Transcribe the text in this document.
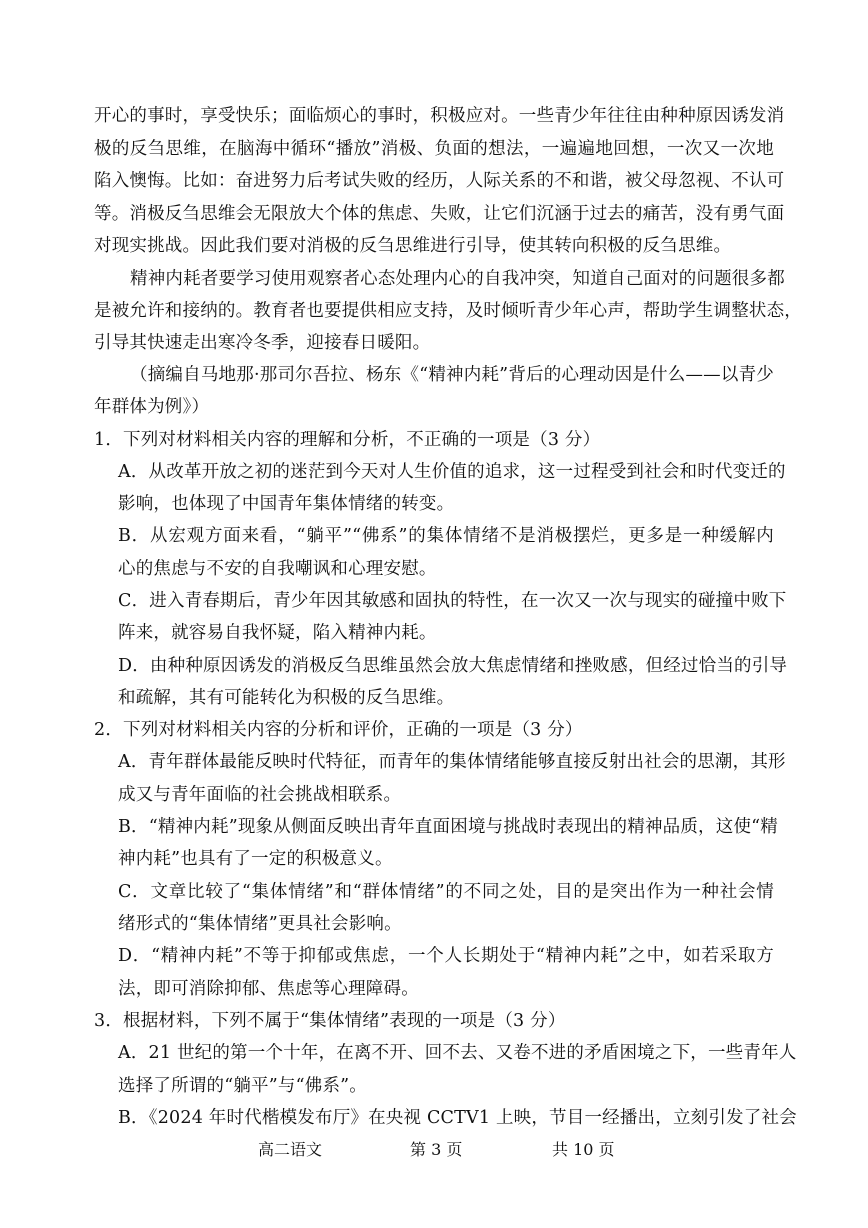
开心的事时，享受快乐；面临烦心的事时，积极应对。一些青少年往往由种种原因诱发消
极的反刍思维，在脑海中循环“播放”消极、负面的想法，一遍遍地回想，一次又一次地
陷入懊悔。比如：奋进努力后考试失败的经历，人际关系的不和谐，被父母忽视、不认可
等。消极反刍思维会无限放大个体的焦虑、失败，让它们沉涵于过去的痛苦，没有勇气面
对现实挑战。因此我们要对消极的反刍思维进行引导，使其转向积极的反刍思维。
精神内耗者要学习使用观察者心态处理内心的自我冲突，知道自己面对的问题很多都
是被允许和接纳的。教育者也要提供相应支持，及时倾听青少年心声，帮助学生调整状态，
引导其快速走出寒冷冬季，迎接春日暖阳。
（摘编自马地那·那司尔吾拉、杨东《“精神内耗”背后的心理动因是什么——以青少
年群体为例》）
1．下列对材料相关内容的理解和分析，不正确的一项是（3 分）
A．从改革开放之初的迷茫到今天对人生价值的追求，这一过程受到社会和时代变迁的
影响，也体现了中国青年集体情绪的转变。
B．从宏观方面来看，“躺平”“佛系”的集体情绪不是消极摆烂，更多是一种缓解内
心的焦虑与不安的自我嘲讽和心理安慰。
C．进入青春期后，青少年因其敏感和固执的特性，在一次又一次与现实的碰撞中败下
阵来，就容易自我怀疑，陷入精神内耗。
D．由种种原因诱发的消极反刍思维虽然会放大焦虑情绪和挫败感，但经过恰当的引导
和疏解，其有可能转化为积极的反刍思维。
2．下列对材料相关内容的分析和评价，正确的一项是（3 分）
A．青年群体最能反映时代特征，而青年的集体情绪能够直接反射出社会的思潮，其形
成又与青年面临的社会挑战相联系。
B．“精神内耗”现象从侧面反映出青年直面困境与挑战时表现出的精神品质，这使“精
神内耗”也具有了一定的积极意义。
C．文章比较了“集体情绪”和“群体情绪”的不同之处，目的是突出作为一种社会情
绪形式的“集体情绪”更具社会影响。
D．“精神内耗”不等于抑郁或焦虑，一个人长期处于“精神内耗”之中，如若采取方
法，即可消除抑郁、焦虑等心理障碍。
3．根据材料，下列不属于“集体情绪”表现的一项是（3 分）
A．21 世纪的第一个十年，在离不开、回不去、又卷不进的矛盾困境之下，一些青年人
选择了所谓的“躺平”与“佛系”。
B．《2024 年时代楷模发布厅》在央视 CCTV1 上映，节目一经播出，立刻引发了社会
高二语文	第 3 页	共 10 页
